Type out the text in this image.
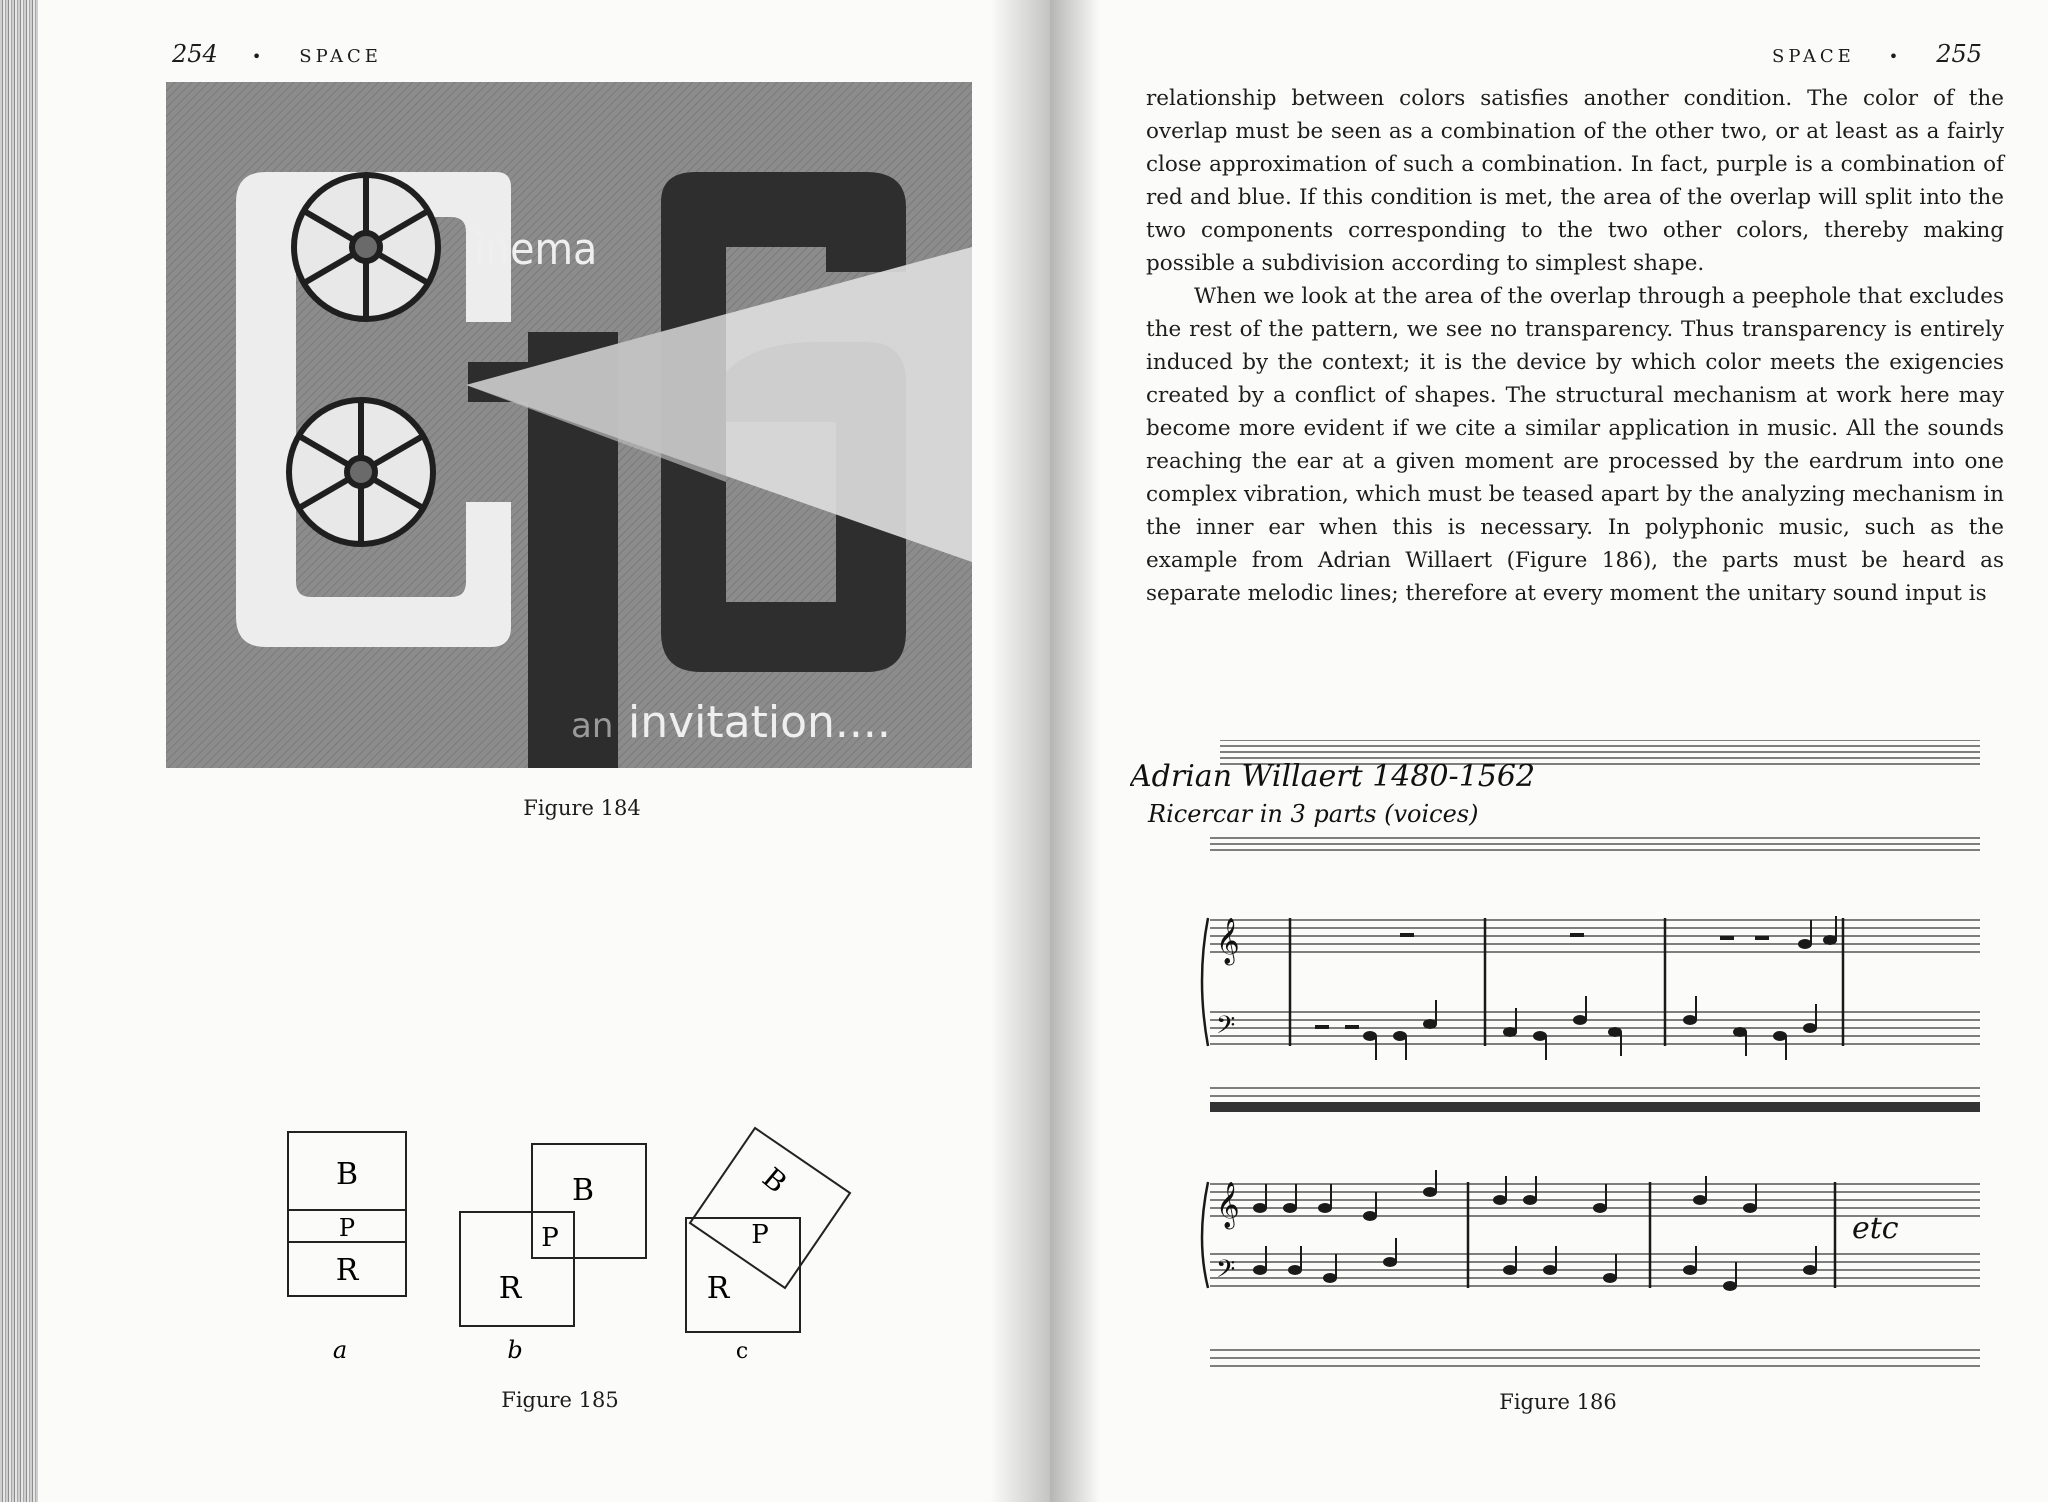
254 • SPACE
inema
an invitation....
Figure 184
B
P
R
a
B
P
R
b
B
P
R
c
Figure 185
SPACE • 255

relationship between colors satisfies another condition. The color of the overlap must be seen as a combination of the other two, or at least as a fairly close approximation of such a combination. In fact, purple is a combination of red and blue. If this condition is met, the area of the overlap will split into the two components corresponding to the two other colors, thereby making possible a subdivision according to simplest shape.

When we look at the area of the overlap through a peephole that excludes the rest of the pattern, we see no transparency. Thus transparency is entirely induced by the context; it is the device by which color meets the exigencies created by a conflict of shapes. The structural mechanism at work here may become more evident if we cite a similar application in music. All the sounds reaching the ear at a given moment are processed by the eardrum into one complex vibration, which must be teased apart by the analyzing mechanism in the inner ear when this is necessary. In polyphonic music, such as the example from Adrian Willaert (Figure 186), the parts must be heard as separate melodic lines; therefore at every moment the unitary sound input is

𝄞
𝄢
𝄞
𝄢
Adrian Willaert 1480-1562
Ricercar in 3 parts (voices)
etc
Figure 186
